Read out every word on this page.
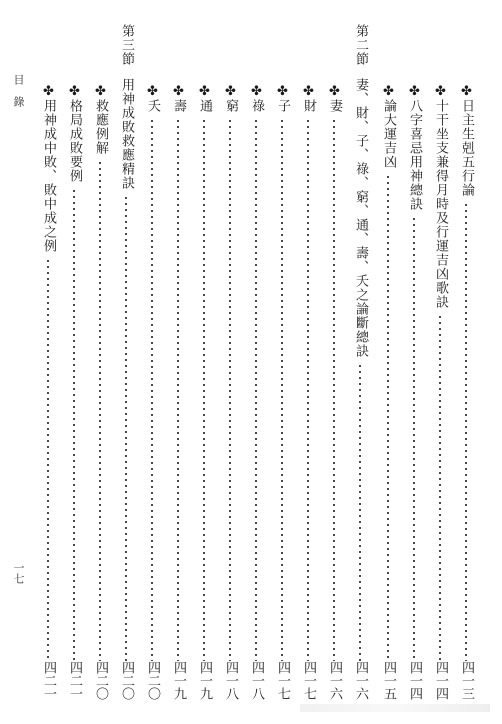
✤
日主生剋五行論
四一三
✤
十干坐支兼得月時及行運吉凶歌訣
四一四
✤
八字喜忌用神總訣
四一四
✤
論大運吉凶
四一五
第二節
妻、財、子、祿、窮、通、壽、夭之論斷總訣
四一六
✤
妻
四一六
✤
財
四一七
✤
子
四一七
✤
祿
四一八
✤
窮
四一八
✤
通
四一九
✤
壽
四一九
✤
夭
四二〇
第三節
用神成敗救應精訣
四二〇
✤
救應例解
四二〇
✤
格局成敗要例
四二一
✤
用神成中敗、敗中成之例
四二一
目　錄
一七
